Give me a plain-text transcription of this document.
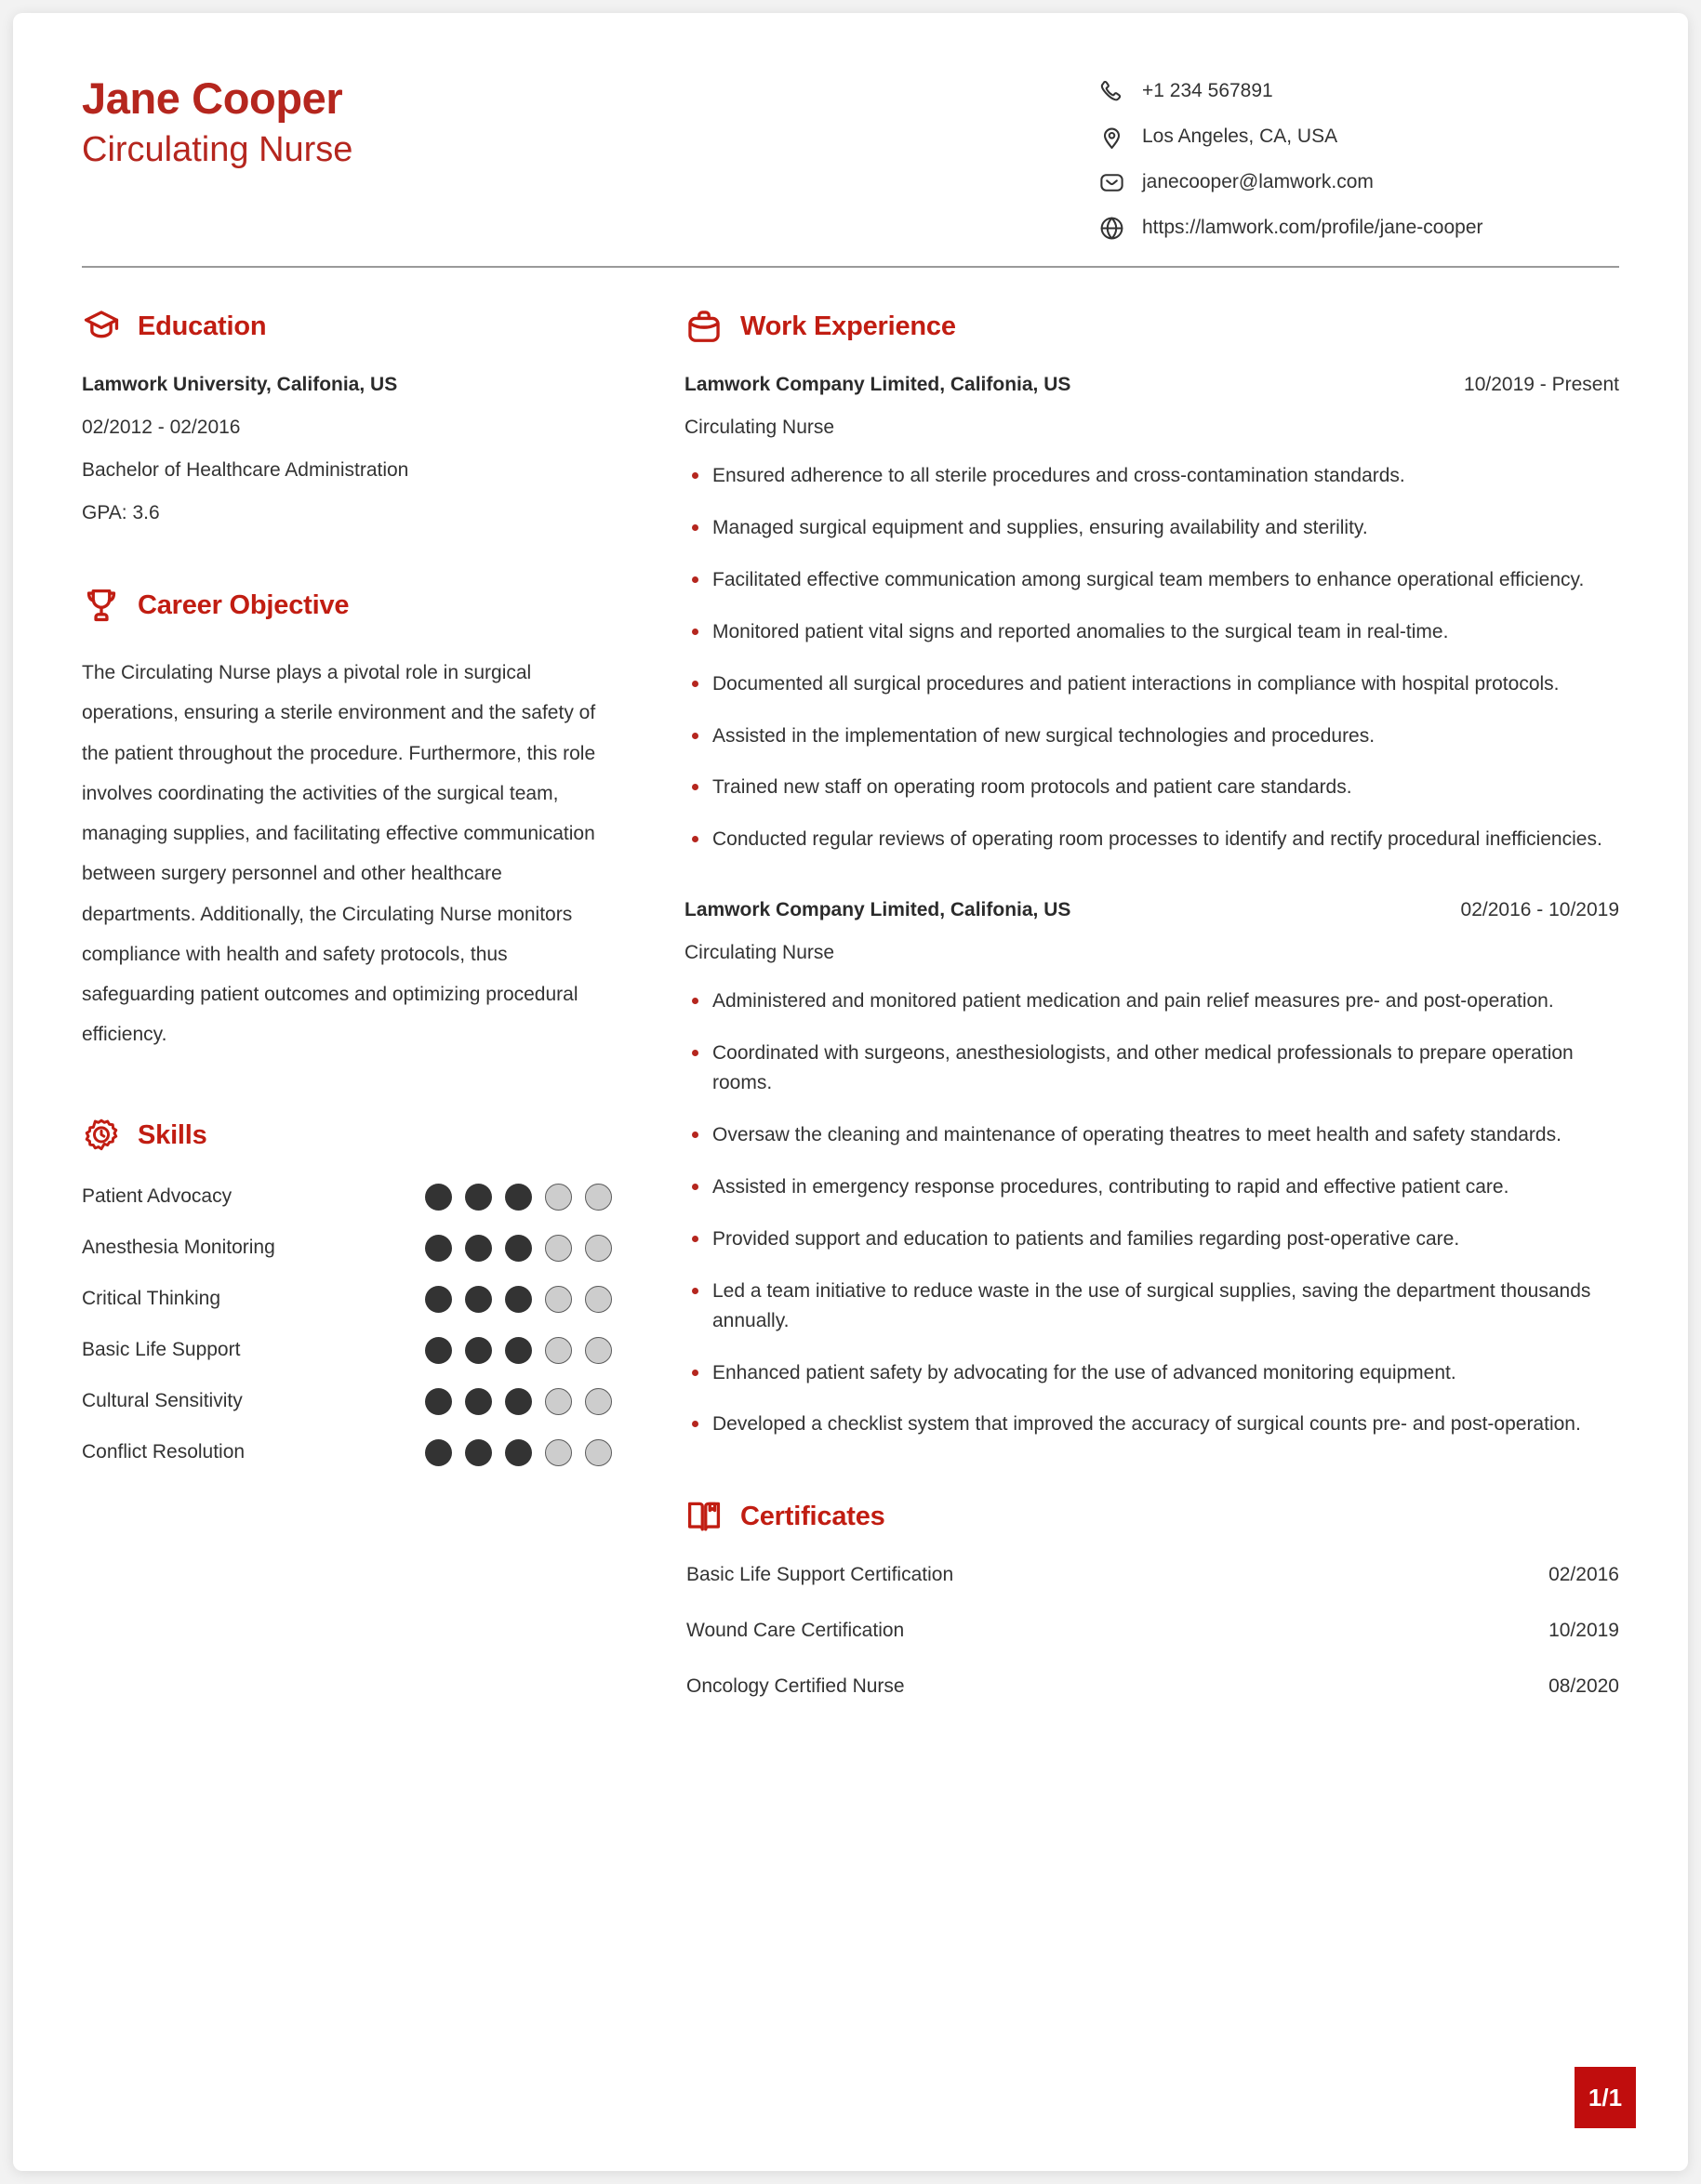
Jane Cooper
Circulating Nurse
+1 234 567891
Los Angeles, CA, USA
janecooper@lamwork.com
https://lamwork.com/profile/jane-cooper
Education
Lamwork University, Califonia, US
02/2012 - 02/2016
Bachelor of Healthcare Administration
GPA: 3.6
Career Objective
The Circulating Nurse plays a pivotal role in surgical operations, ensuring a sterile environment and the safety of the patient throughout the procedure. Furthermore, this role involves coordinating the activities of the surgical team, managing supplies, and facilitating effective communication between surgery personnel and other healthcare departments. Additionally, the Circulating Nurse monitors compliance with health and safety protocols, thus safeguarding patient outcomes and optimizing procedural efficiency.
Skills
Patient Advocacy
Anesthesia Monitoring
Critical Thinking
Basic Life Support
Cultural Sensitivity
Conflict Resolution
Work Experience
Lamwork Company Limited, Califonia, US	10/2019 - Present
Circulating Nurse
Ensured adherence to all sterile procedures and cross-contamination standards.
Managed surgical equipment and supplies, ensuring availability and sterility.
Facilitated effective communication among surgical team members to enhance operational efficiency.
Monitored patient vital signs and reported anomalies to the surgical team in real-time.
Documented all surgical procedures and patient interactions in compliance with hospital protocols.
Assisted in the implementation of new surgical technologies and procedures.
Trained new staff on operating room protocols and patient care standards.
Conducted regular reviews of operating room processes to identify and rectify procedural inefficiencies.
Lamwork Company Limited, Califonia, US	02/2016 - 10/2019
Circulating Nurse
Administered and monitored patient medication and pain relief measures pre- and post-operation.
Coordinated with surgeons, anesthesiologists, and other medical professionals to prepare operation rooms.
Oversaw the cleaning and maintenance of operating theatres to meet health and safety standards.
Assisted in emergency response procedures, contributing to rapid and effective patient care.
Provided support and education to patients and families regarding post-operative care.
Led a team initiative to reduce waste in the use of surgical supplies, saving the department thousands annually.
Enhanced patient safety by advocating for the use of advanced monitoring equipment.
Developed a checklist system that improved the accuracy of surgical counts pre- and post-operation.
Certificates
Basic Life Support Certification	02/2016
Wound Care Certification	10/2019
Oncology Certified Nurse	08/2020
1/1
